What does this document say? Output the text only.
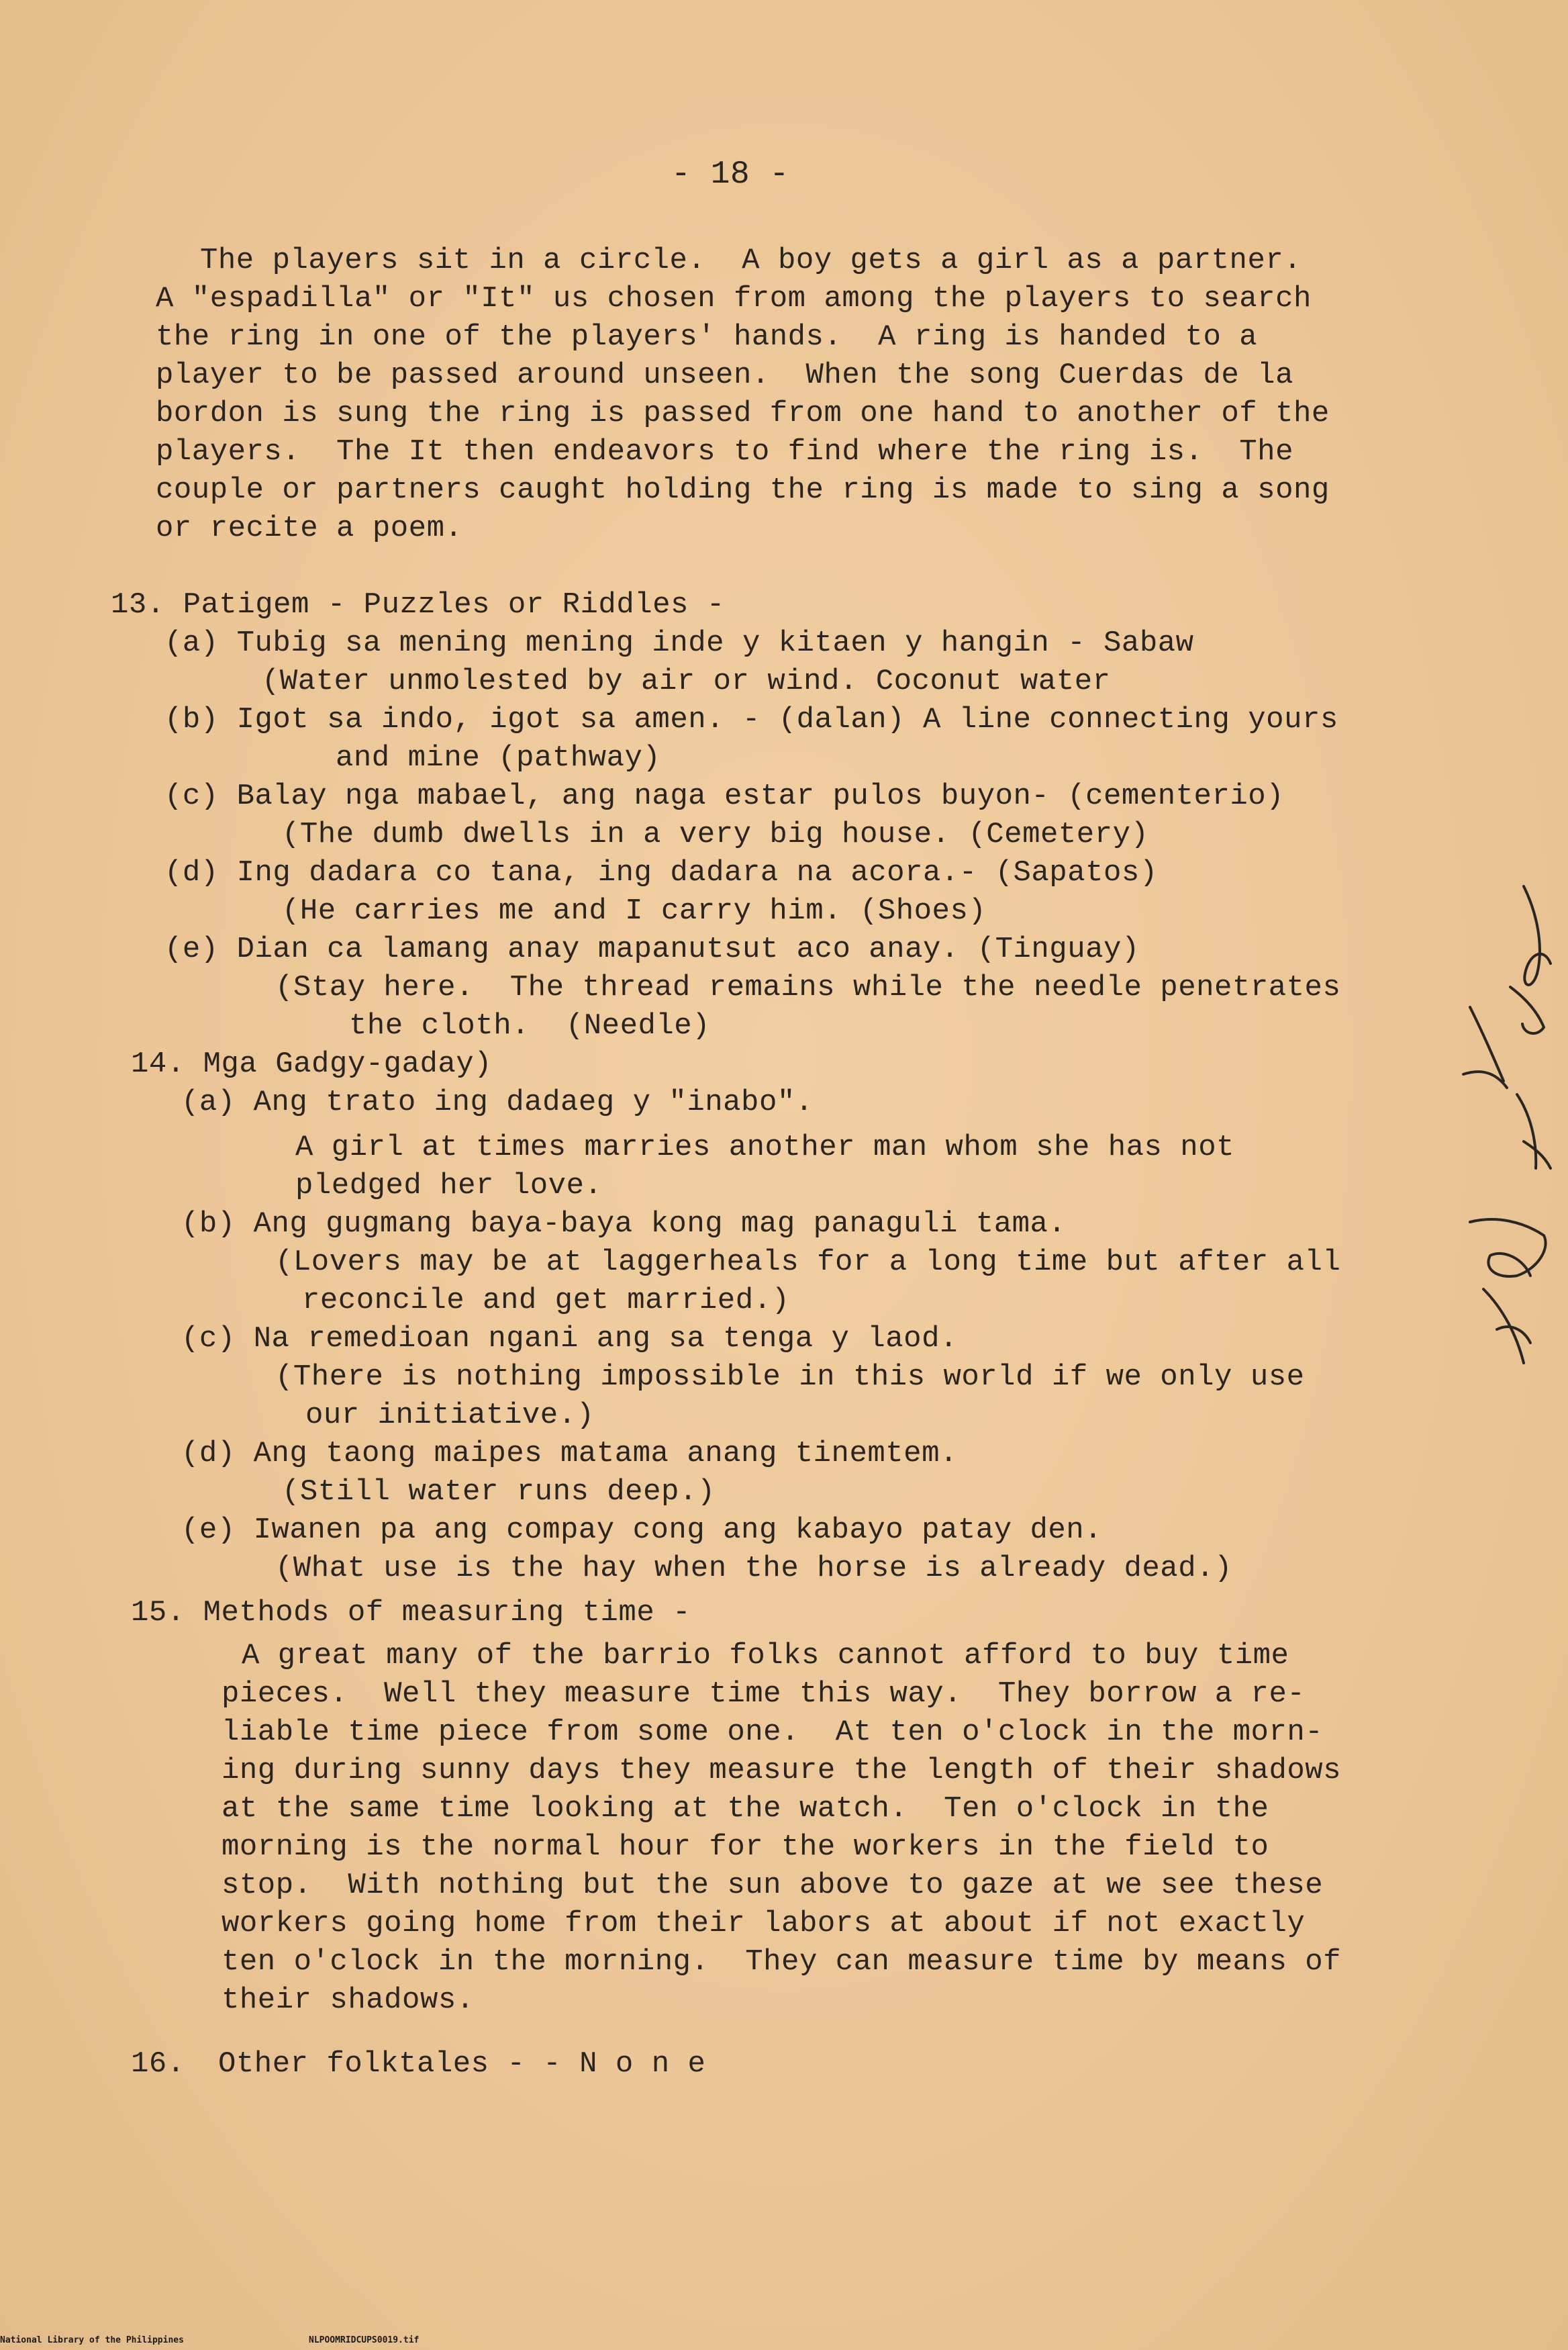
- 18 -
The players sit in a circle.  A boy gets a girl as a partner.
A "espadilla" or "It" us chosen from among the players to search
the ring in one of the players' hands.  A ring is handed to a
player to be passed around unseen.  When the song Cuerdas de la
bordon is sung the ring is passed from one hand to another of the
players.  The It then endeavors to find where the ring is.  The
couple or partners caught holding the ring is made to sing a song
or recite a poem.
13. Patigem - Puzzles or Riddles -
(a) Tubig sa mening mening inde y kitaen y hangin - Sabaw
(Water unmolested by air or wind. Coconut water
(b) Igot sa indo, igot sa amen. - (dalan) A line connecting yours
and mine (pathway)
(c) Balay nga mabael, ang naga estar pulos buyon- (cementerio)
(The dumb dwells in a very big house. (Cemetery)
(d) Ing dadara co tana, ing dadara na acora.- (Sapatos)
(He carries me and I carry him. (Shoes)
(e) Dian ca lamang anay mapanutsut aco anay. (Tinguay)
(Stay here.  The thread remains while the needle penetrates
the cloth.  (Needle)
14. Mga Gadgy-gaday)
(a) Ang trato ing dadaeg y "inabo".
A girl at times marries another man whom she has not
pledged her love.
(b) Ang gugmang baya-baya kong mag panaguli tama.
(Lovers may be at laggerheals for a long time but after all
reconcile and get married.)
(c) Na remedioan ngani ang sa tenga y laod.
(There is nothing impossible in this world if we only use
our initiative.)
(d) Ang taong maipes matama anang tinemtem.
(Still water runs deep.)
(e) Iwanen pa ang compay cong ang kabayo patay den.
(What use is the hay when the horse is already dead.)
15. Methods of measuring time -
A great many of the barrio folks cannot afford to buy time
pieces.  Well they measure time this way.  They borrow a re-
liable time piece from some one.  At ten o'clock in the morn-
ing during sunny days they measure the length of their shadows
at the same time looking at the watch.  Ten o'clock in the
morning is the normal hour for the workers in the field to
stop.  With nothing but the sun above to gaze at we see these
workers going home from their labors at about if not exactly
ten o'clock in the morning.  They can measure time by means of
their shadows.
16. Other folktales - - N o n e
National Library of the Philippines	NLPOOMRIDCUPS0019.tif
